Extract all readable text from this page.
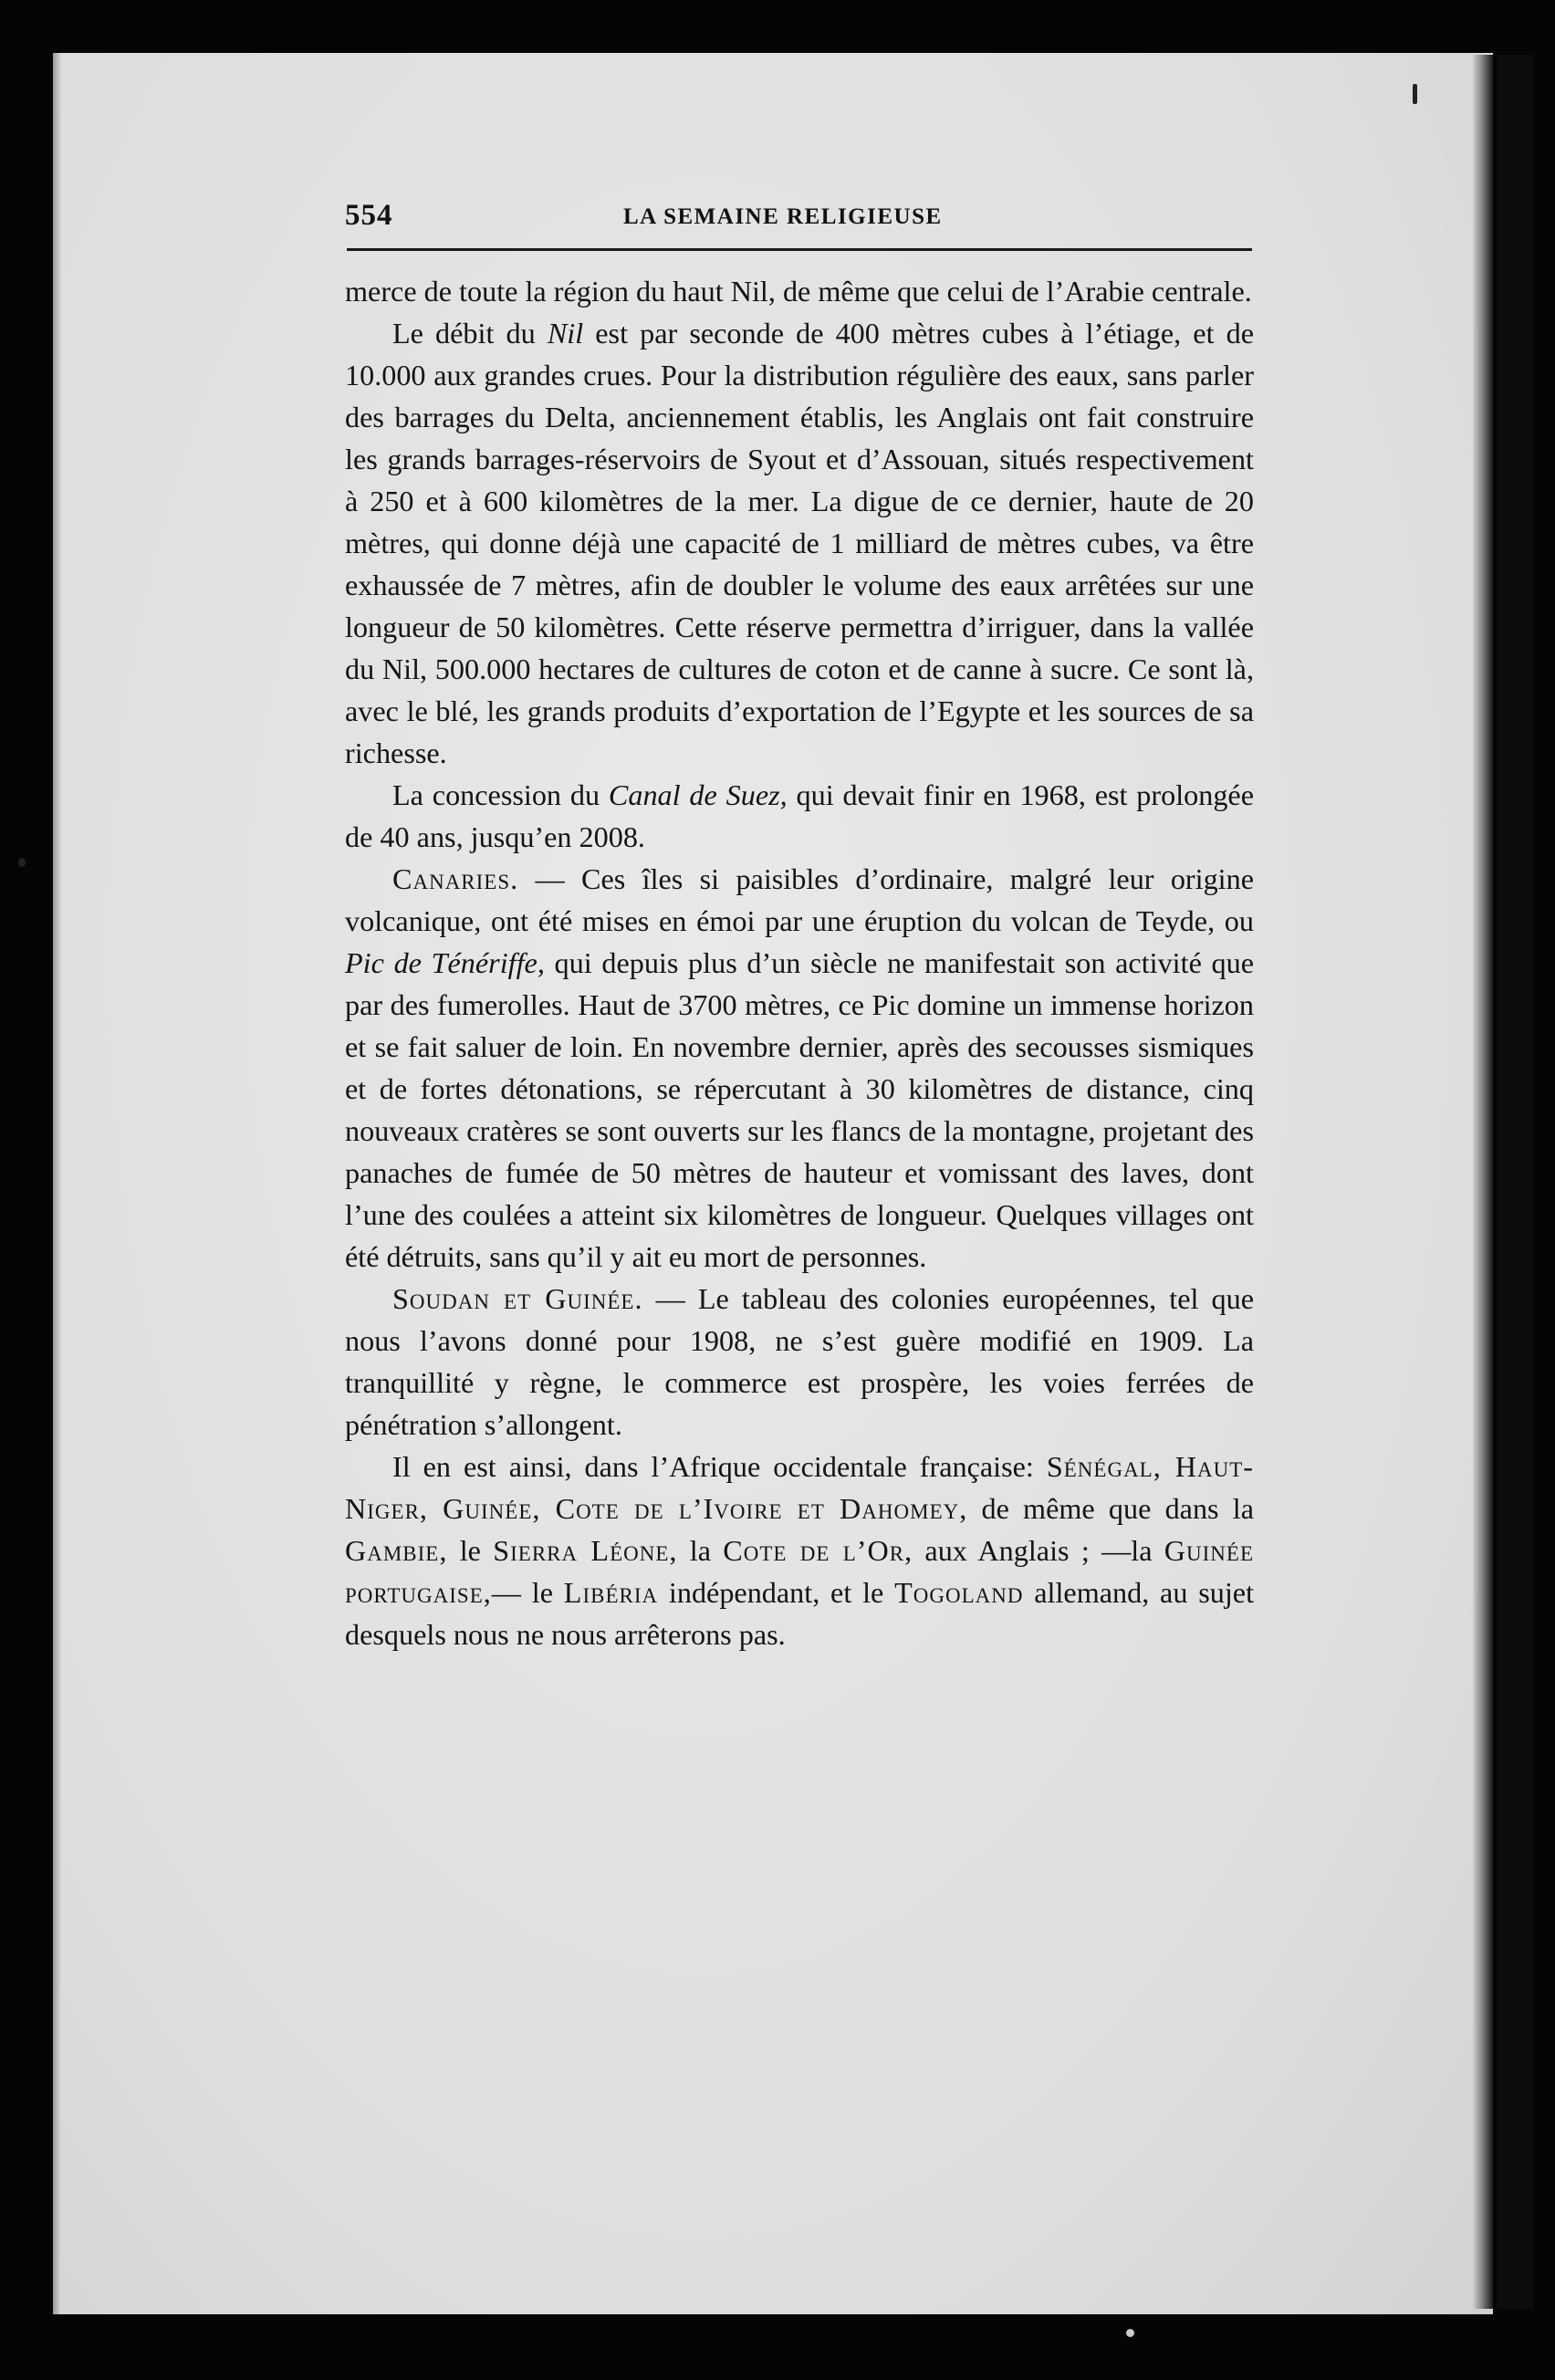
554	LA SEMAINE RELIGIEUSE

merce de toute la région du haut Nil, de même que celui de l’Arabie centrale.

Le débit du Nil est par seconde de 400 mètres cubes à l’étiage, et de 10.000 aux grandes crues. Pour la distribution régulière des eaux, sans parler des barrages du Delta, anciennement établis, les Anglais ont fait construire les grands barrages-réservoirs de Syout et d’Assouan, situés respectivement à 250 et à 600 kilomètres de la mer. La digue de ce dernier, haute de 20 mètres, qui donne déjà une capacité de 1 milliard de mètres cubes, va être exhaussée de 7 mètres, afin de doubler le volume des eaux arrêtées sur une longueur de 50 kilomètres. Cette réserve permettra d’irriguer, dans la vallée du Nil, 500.000 hectares de cultures de coton et de canne à sucre. Ce sont là, avec le blé, les grands produits d’exportation de l’Egypte et les sources de sa richesse.

La concession du Canal de Suez, qui devait finir en 1968, est prolongée de 40 ans, jusqu’en 2008.

Canaries. — Ces îles si paisibles d’ordinaire, malgré leur origine volcanique, ont été mises en émoi par une éruption du volcan de Teyde, ou Pic de Ténériffe, qui depuis plus d’un siècle ne manifestait son activité que par des fumerolles. Haut de 3700 mètres, ce Pic domine un immense horizon et se fait saluer de loin. En novembre dernier, après des secousses sismiques et de fortes détonations, se répercutant à 30 kilomètres de distance, cinq nouveaux cratères se sont ouverts sur les flancs de la montagne, projetant des panaches de fumée de 50 mètres de hauteur et vomissant des laves, dont l’une des coulées a atteint six kilomètres de longueur. Quelques villages ont été détruits, sans qu’il y ait eu mort de personnes.

Soudan et Guinée. — Le tableau des colonies européennes, tel que nous l’avons donné pour 1908, ne s’est guère modifié en 1909. La tranquillité y règne, le commerce est prospère, les voies ferrées de pénétration s’allongent.

Il en est ainsi, dans l’Afrique occidentale française: Sénégal, Haut-Niger, Guinée, Cote de l’Ivoire et Dahomey, de même que dans la Gambie, le Sierra Léone, la Cote de l’Or, aux Anglais ; —la Guinée portugaise,— le Libéria indépendant, et le Togoland allemand, au sujet desquels nous ne nous arrêterons pas.
